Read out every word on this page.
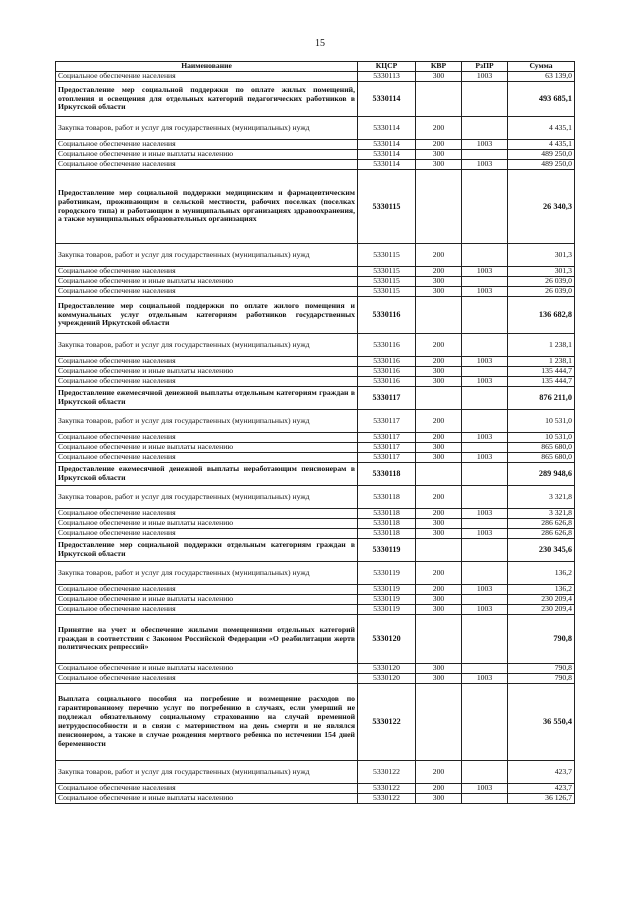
15
Наименование	КЦСР	КВР	РзПР	Сумма
Социальное обеспечение населения	5330113	300	1003	63 139,0
Предоставление мер социальной поддержки по оплате жилых помещений, отопления и освещения для отдельных категорий педагогических работников в Иркутской области	5330114			493 685,1
Закупка товаров, работ и услуг для государственных (муниципальных) нужд	5330114	200		4 435,1
Социальное обеспечение населения	5330114	200	1003	4 435,1
Социальное обеспечение и иные выплаты населению	5330114	300		489 250,0
Социальное обеспечение населения	5330114	300	1003	489 250,0
Предоставление мер социальной поддержки медицинским и фармацевтическим работникам, проживающим в сельской местности, рабочих поселках (поселках городского типа) и работающим в муниципальных организациях здравоохранения, а также муниципальных образовательных организациях	5330115			26 340,3
Закупка товаров, работ и услуг для государственных (муниципальных) нужд	5330115	200		301,3
Социальное обеспечение населения	5330115	200	1003	301,3
Социальное обеспечение и иные выплаты населению	5330115	300		26 039,0
Социальное обеспечение населения	5330115	300	1003	26 039,0
Предоставление мер социальной поддержки по оплате жилого помещения и коммунальных услуг отдельным категориям работников государственных учреждений Иркутской области	5330116			136 682,8
Закупка товаров, работ и услуг для государственных (муниципальных) нужд	5330116	200		1 238,1
Социальное обеспечение населения	5330116	200	1003	1 238,1
Социальное обеспечение и иные выплаты населению	5330116	300		135 444,7
Социальное обеспечение населения	5330116	300	1003	135 444,7
Предоставление ежемесячной денежной выплаты отдельным категориям граждан в Иркутской области	5330117			876 211,0
Закупка товаров, работ и услуг для государственных (муниципальных) нужд	5330117	200		10 531,0
Социальное обеспечение населения	5330117	200	1003	10 531,0
Социальное обеспечение и иные выплаты населению	5330117	300		865 680,0
Социальное обеспечение населения	5330117	300	1003	865 680,0
Предоставление ежемесячной денежной выплаты неработающим пенсионерам в Иркутской области	5330118			289 948,6
Закупка товаров, работ и услуг для государственных (муниципальных) нужд	5330118	200		3 321,8
Социальное обеспечение населения	5330118	200	1003	3 321,8
Социальное обеспечение и иные выплаты населению	5330118	300		286 626,8
Социальное обеспечение населения	5330118	300	1003	286 626,8
Предоставление мер социальной поддержки отдельным категориям граждан в Иркутской области	5330119			230 345,6
Закупка товаров, работ и услуг для государственных (муниципальных) нужд	5330119	200		136,2
Социальное обеспечение населения	5330119	200	1003	136,2
Социальное обеспечение и иные выплаты населению	5330119	300		230 209,4
Социальное обеспечение населения	5330119	300	1003	230 209,4
Принятие на учет и обеспечение жилыми помещениями отдельных категорий граждан в соответствии с Законом Российской Федерации «О реабилитации жертв политических репрессий»	5330120			790,8
Социальное обеспечение и иные выплаты населению	5330120	300		790,8
Социальное обеспечение населения	5330120	300	1003	790,8
Выплата социального пособия на погребение и возмещение расходов по гарантированному перечню услуг по погребению в случаях, если умерший не подлежал обязательному социальному страхованию на случай временной нетрудоспособности и в связи с материнством на день смерти и не являлся пенсионером, а также в случае рождения мертвого ребенка по истечении 154 дней беременности	5330122			36 550,4
Закупка товаров, работ и услуг для государственных (муниципальных) нужд	5330122	200		423,7
Социальное обеспечение населения	5330122	200	1003	423,7
Социальное обеспечение и иные выплаты населению	5330122	300		36 126,7
